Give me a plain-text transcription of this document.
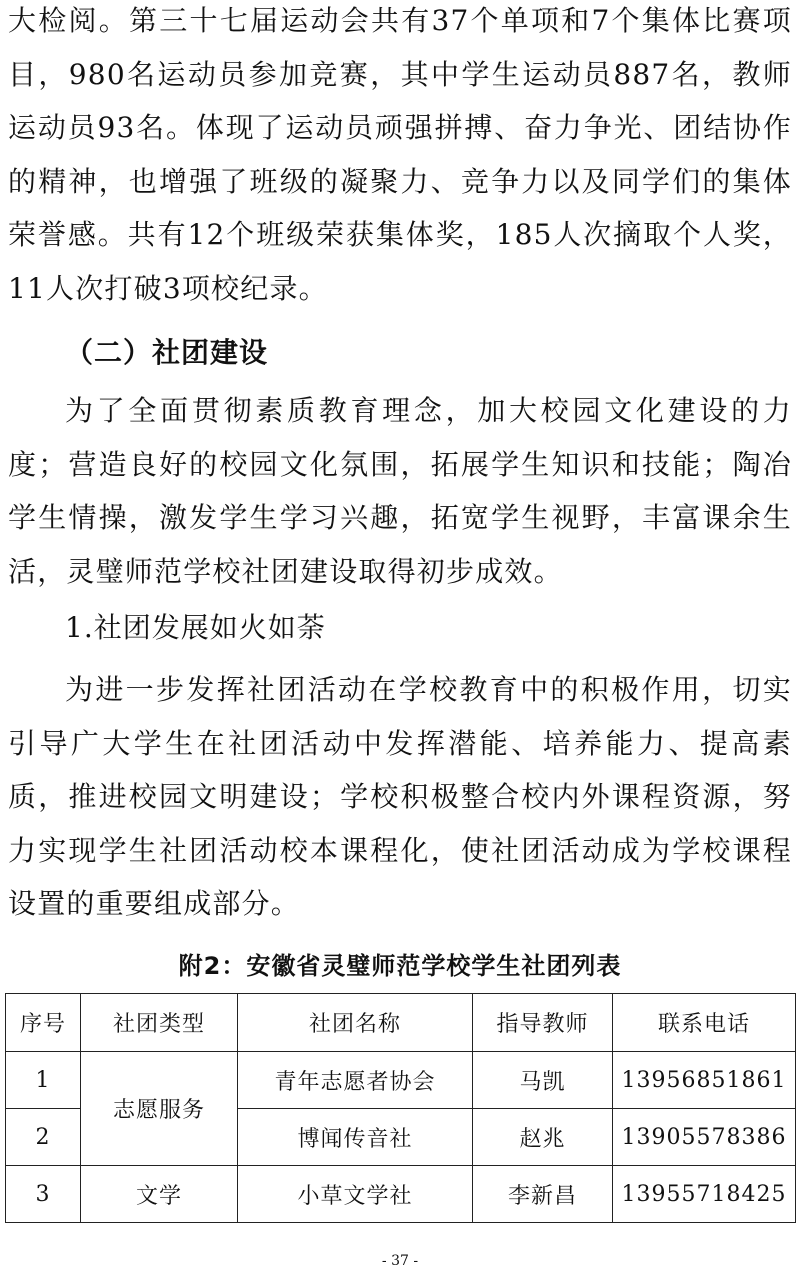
大检阅。第三十七届运动会共有37个单项和7个集体比赛项目，980名运动员参加竞赛，其中学生运动员887名，教师运动员93名。体现了运动员顽强拼搏、奋力争光、团结协作的精神，也增强了班级的凝聚力、竞争力以及同学们的集体荣誉感。共有12个班级荣获集体奖，185人次摘取个人奖，11人次打破3项校纪录。

（二）社团建设

为了全面贯彻素质教育理念，加大校园文化建设的力度；营造良好的校园文化氛围，拓展学生知识和技能；陶冶学生情操，激发学生学习兴趣，拓宽学生视野，丰富课余生活，灵璧师范学校社团建设取得初步成效。

1.社团发展如火如荼

为进一步发挥社团活动在学校教育中的积极作用，切实引导广大学生在社团活动中发挥潜能、培养能力、提高素质，推进校园文明建设；学校积极整合校内外课程资源，努力实现学生社团活动校本课程化，使社团活动成为学校课程设置的重要组成部分。

附2：安徽省灵璧师范学校学生社团列表

序号	社团类型	社团名称	指导教师	联系电话
1	志愿服务	青年志愿者协会	马凯	13956851861
2		博闻传音社	赵兆	13905578386
3	文学	小草文学社	李新昌	13955718425

- 37 -
